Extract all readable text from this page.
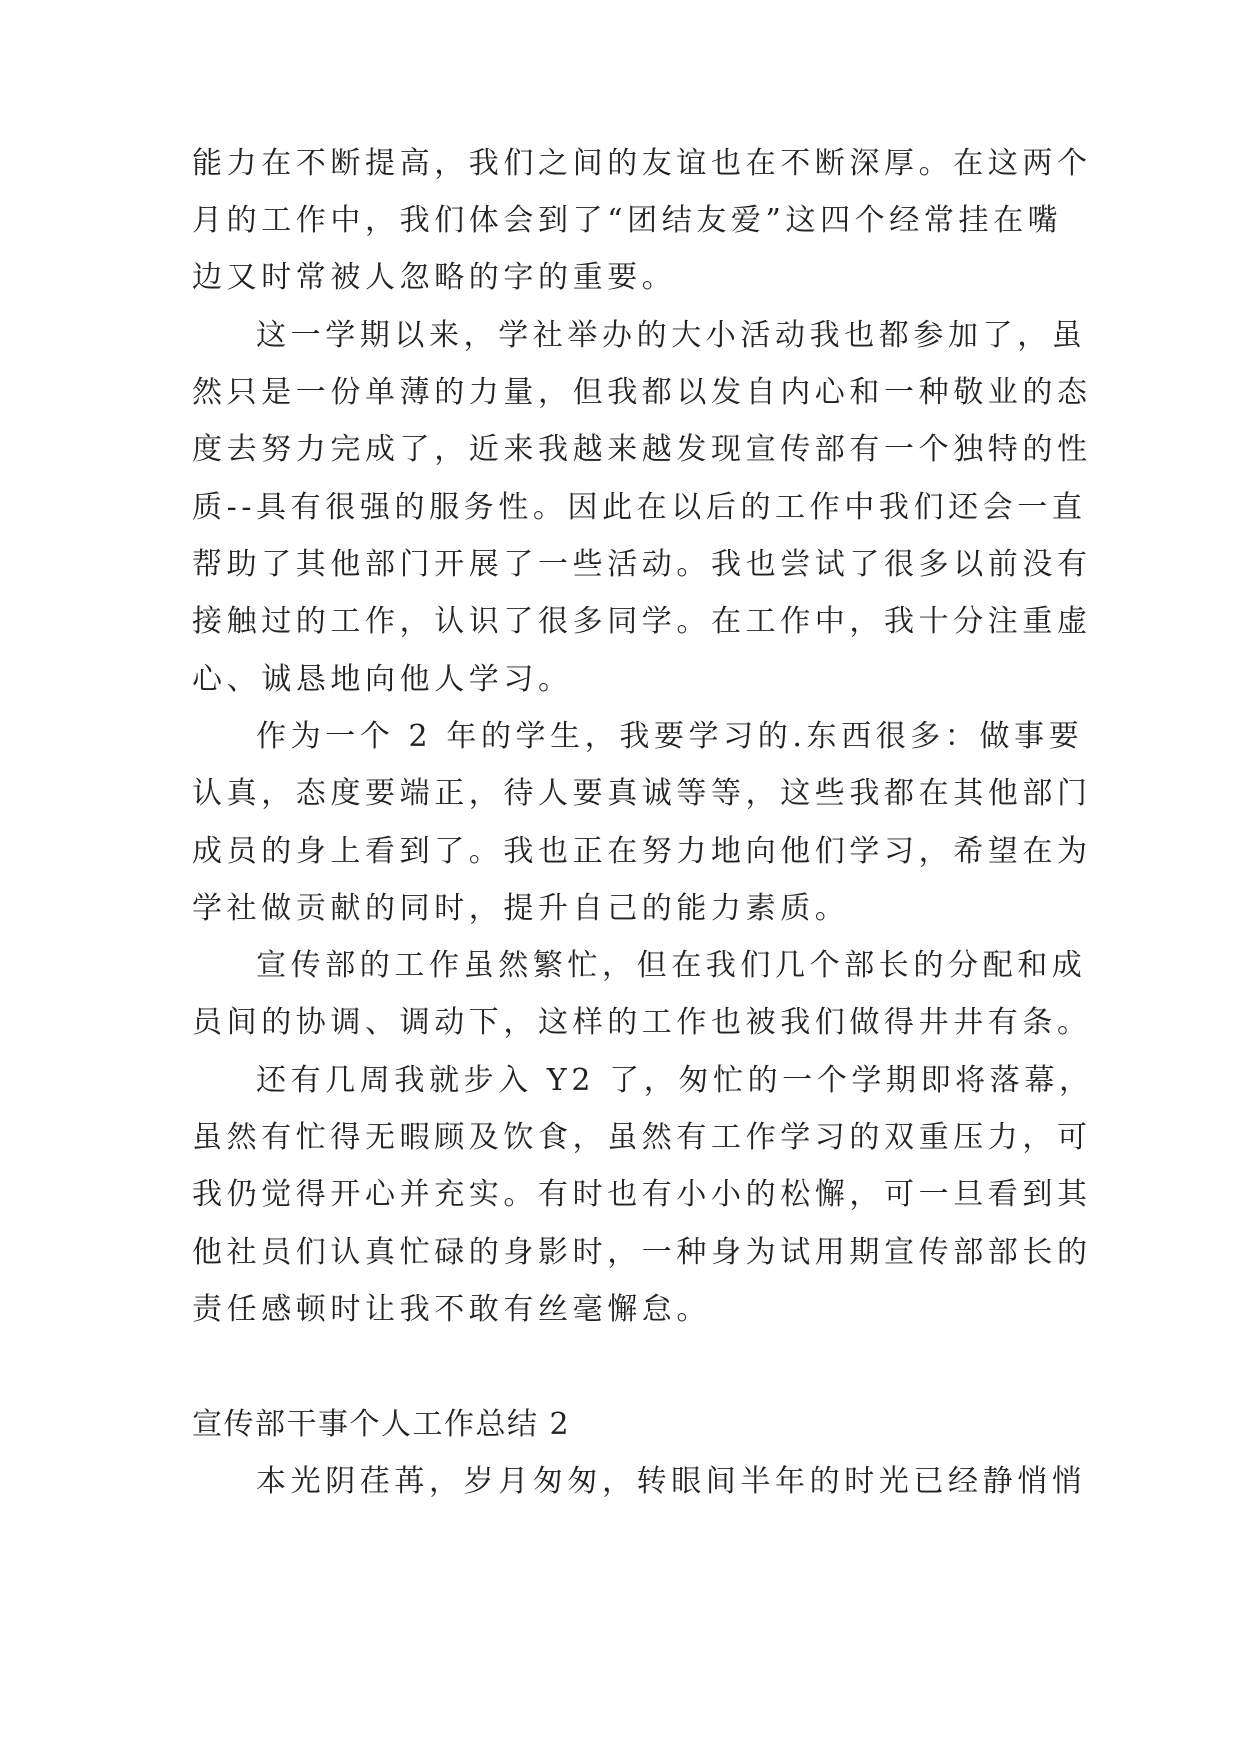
能力在不断提高，我们之间的友谊也在不断深厚。在这两个
月的工作中，我们体会到了“团结友爱”这四个经常挂在嘴
边又时常被人忽略的字的重要。
这一学期以来，学社举办的大小活动我也都参加了，虽
然只是一份单薄的力量，但我都以发自内心和一种敬业的态
度去努力完成了，近来我越来越发现宣传部有一个独特的性
质--具有很强的服务性。因此在以后的工作中我们还会一直
帮助了其他部门开展了一些活动。我也尝试了很多以前没有
接触过的工作，认识了很多同学。在工作中，我十分注重虚
心、诚恳地向他人学习。
作为一个 2 年的学生，我要学习的.东西很多：做事要
认真，态度要端正，待人要真诚等等，这些我都在其他部门
成员的身上看到了。我也正在努力地向他们学习，希望在为
学社做贡献的同时，提升自己的能力素质。
宣传部的工作虽然繁忙，但在我们几个部长的分配和成
员间的协调、调动下，这样的工作也被我们做得井井有条。
还有几周我就步入 Y2 了，匆忙的一个学期即将落幕，
虽然有忙得无暇顾及饮食，虽然有工作学习的双重压力，可
我仍觉得开心并充实。有时也有小小的松懈，可一旦看到其
他社员们认真忙碌的身影时，一种身为试用期宣传部部长的
责任感顿时让我不敢有丝毫懈怠。
宣传部干事个人工作总结 2
本光阴荏苒，岁月匆匆，转眼间半年的时光已经静悄悄
